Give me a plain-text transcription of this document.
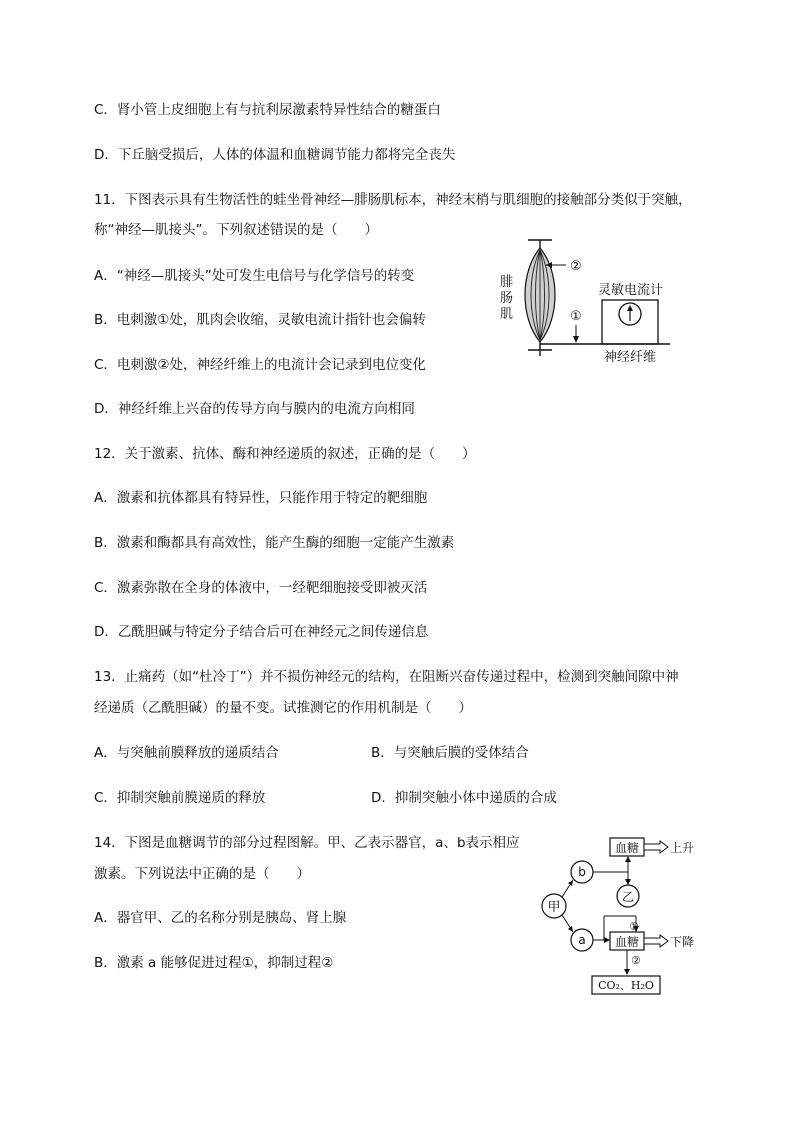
C．肾小管上皮细胞上有与抗利尿激素特异性结合的糖蛋白
D．下丘脑受损后，人体的体温和血糖调节能力都将完全丧失
11．下图表示具有生物活性的蛙坐骨神经—腓肠肌标本，神经末梢与肌细胞的接触部分类似于突触，
称“神经—肌接头”。下列叙述错误的是（　　）
A．“神经—肌接头”处可发生电信号与化学信号的转变
B．电刺激①处，肌肉会收缩，灵敏电流计指针也会偏转
C．电刺激②处，神经纤维上的电流计会记录到电位变化
D．神经纤维上兴奋的传导方向与膜内的电流方向相同
②
腓
肠
肌	①
灵敏电流计
神经纤维
12．关于激素、抗体、酶和神经递质的叙述，正确的是（　　）
A．激素和抗体都具有特异性，只能作用于特定的靶细胞
B．激素和酶都具有高效性，能产生酶的细胞一定能产生激素
C．激素弥散在全身的体液中，一经靶细胞接受即被灭活
D．乙酰胆碱与特定分子结合后可在神经元之间传递信息
13．止痛药（如“杜冷丁”）并不损伤神经元的结构，在阻断兴奋传递过程中，检测到突触间隙中神
经递质（乙酰胆碱）的量不变。试推测它的作用机制是（　　）
A．与突触前膜释放的递质结合	B．与突触后膜的受体结合
C．抑制突触前膜递质的释放	D．抑制突触小体中递质的合成
14．下图是血糖调节的部分过程图解。甲、乙表示器官，a、b表示相应
激素。下列说法中正确的是（　　）
A．器官甲、乙的名称分别是胰岛、肾上腺
B．激素 a 能够促进过程①，抑制过程②
甲
b
a
乙
血糖	上升
血糖	下降
①
②
CO₂、H₂O
